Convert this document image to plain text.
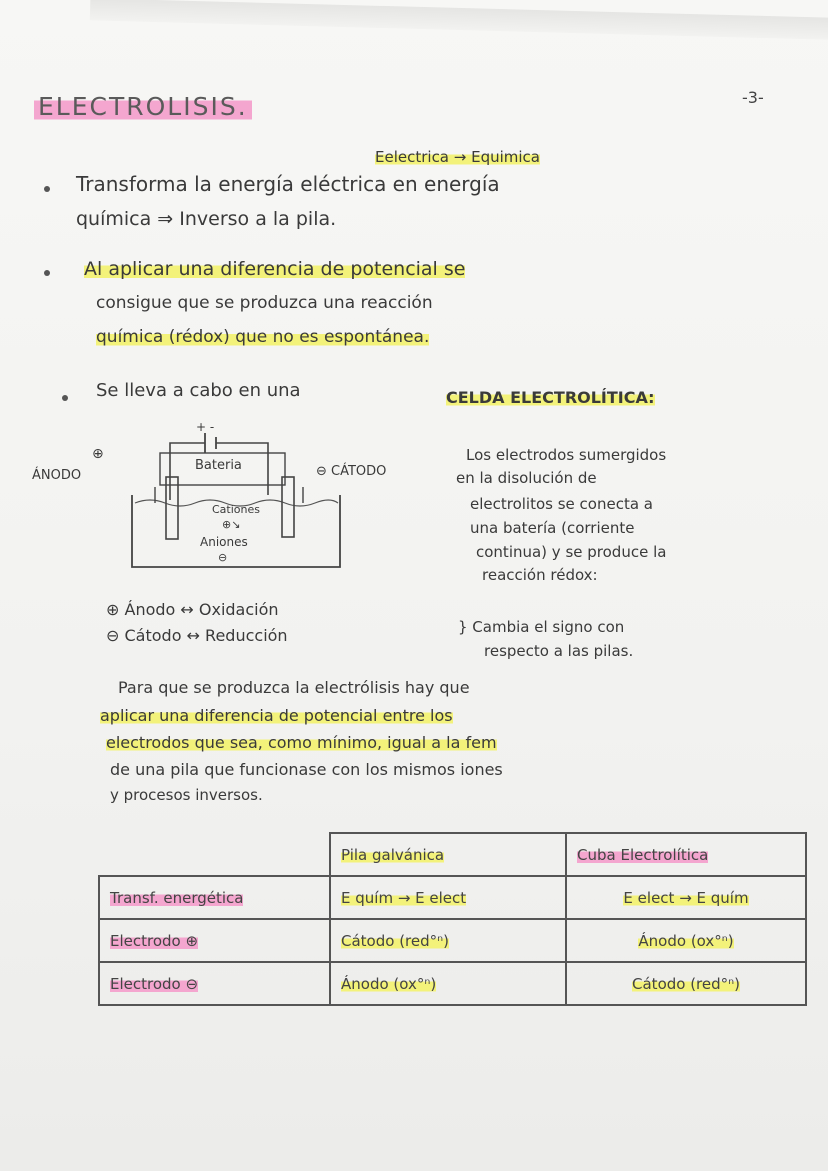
-3-
ELECTROLISIS.
Eelectrica → Equimica
Transforma la energía eléctrica en energía
química ⇒ Inverso a la pila.
Al aplicar una diferencia de potencial se
consigue que se produzca una reacción
química (rédox) que no es espontánea.
Se lleva a cabo en una	CELDA ELECTROLÍTICA:
+ -
Bateria
⊕
ÁNODO	⊖ CÁTODO
Cationes
⊕↘
Aniones
⊖
Los electrodos sumergidos
en la disolución de
electrolitos se conecta a
una batería (corriente
continua) y se produce la
reacción rédox:
⊕ Ánodo ↔ Oxidación
⊖ Cátodo ↔ Reducción	} Cambia el signo con
respecto a las pilas.
Para que se produzca la electrólisis hay que
aplicar una diferencia de potencial entre los
electrodos que sea, como mínimo, igual a la fem
de una pila que funcionase con los mismos iones
y procesos inversos.
	Pila galvánica	Cuba Electrolítica
Transf. energética	E quím → E elect	E elect → E quím
Electrodo ⊕	Cátodo (red°ⁿ)	Ánodo (ox°ⁿ)
Electrodo ⊖	Ánodo (ox°ⁿ)	Cátodo (red°ⁿ)
